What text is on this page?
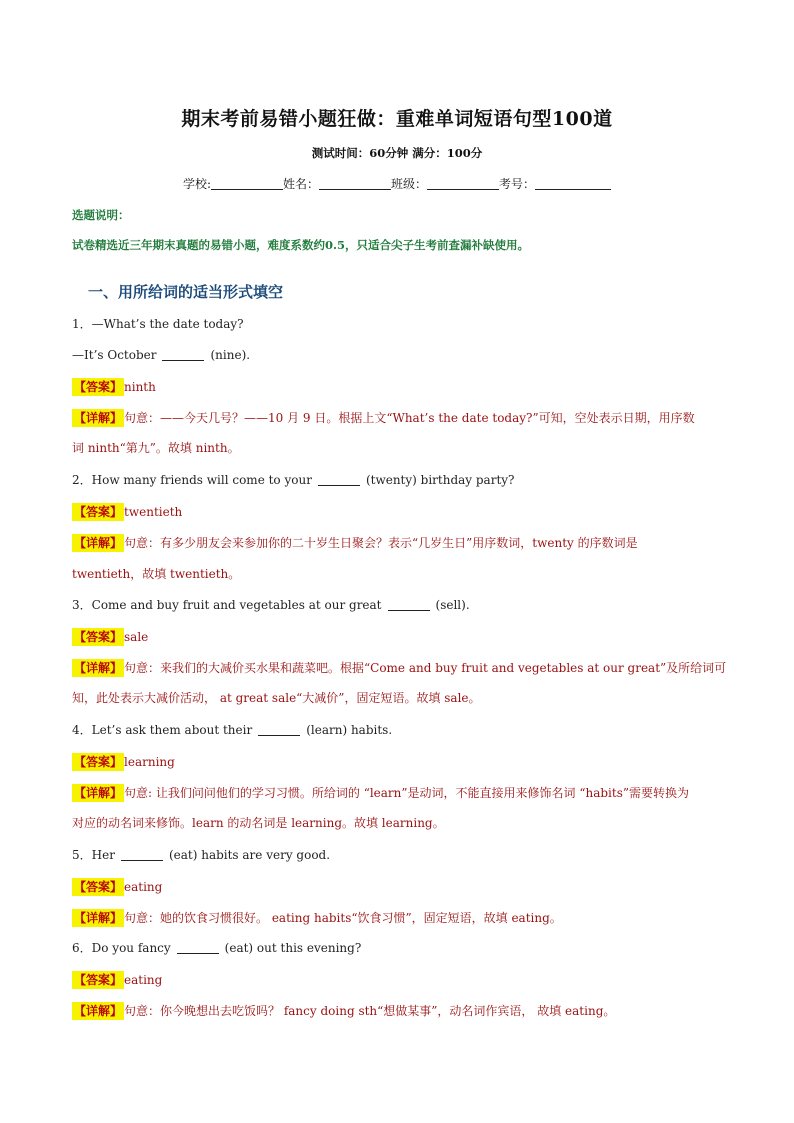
期末考前易错小题狂做：重难单词短语句型100道
测试时间：60分钟 满分：100分
学校:	姓名：	班级：	考号：
选题说明：
试卷精选近三年期末真题的易错小题，难度系数约0.5，只适合尖子生考前查漏补缺使用。
一、用所给词的适当形式填空
1．—What’s the date today?
—It’s October	(nine).
【答案】 ninth
【详解】 句意：——今天几号？——10 月 9 日。根据上文“What’s the date today?”可知，空处表示日期，用序数
词 ninth“第九”。故填 ninth。
2．How many friends will come to your	(twenty) birthday party?
【答案】 twentieth
【详解】 句意：有多少朋友会来参加你的二十岁生日聚会？表示“几岁生日”用序数词，twenty 的序数词是
twentieth，故填 twentieth。
3．Come and buy fruit and vegetables at our great	(sell).
【答案】 sale
【详解】 句意：来我们的大减价买水果和蔬菜吧。根据“Come and buy fruit and vegetables at our great”及所给词可
知，此处表示大减价活动， at great sale“大减价”，固定短语。故填 sale。
4．Let’s ask them about their	(learn) habits.
【答案】 learning
【详解】 句意: 让我们问问他们的学习习惯。所给词的 “learn”是动词，不能直接用来修饰名词 “habits”需要转换为
对应的动名词来修饰。learn 的动名词是 learning。故填 learning。
5．Her	(eat) habits are very good.
【答案】 eating
【详解】 句意：她的饮食习惯很好。 eating habits“饮食习惯”，固定短语，故填 eating。
6．Do you fancy	(eat) out this evening?
【答案】 eating
【详解】 句意：你今晚想出去吃饭吗？ fancy doing sth“想做某事”，动名词作宾语， 故填 eating。
